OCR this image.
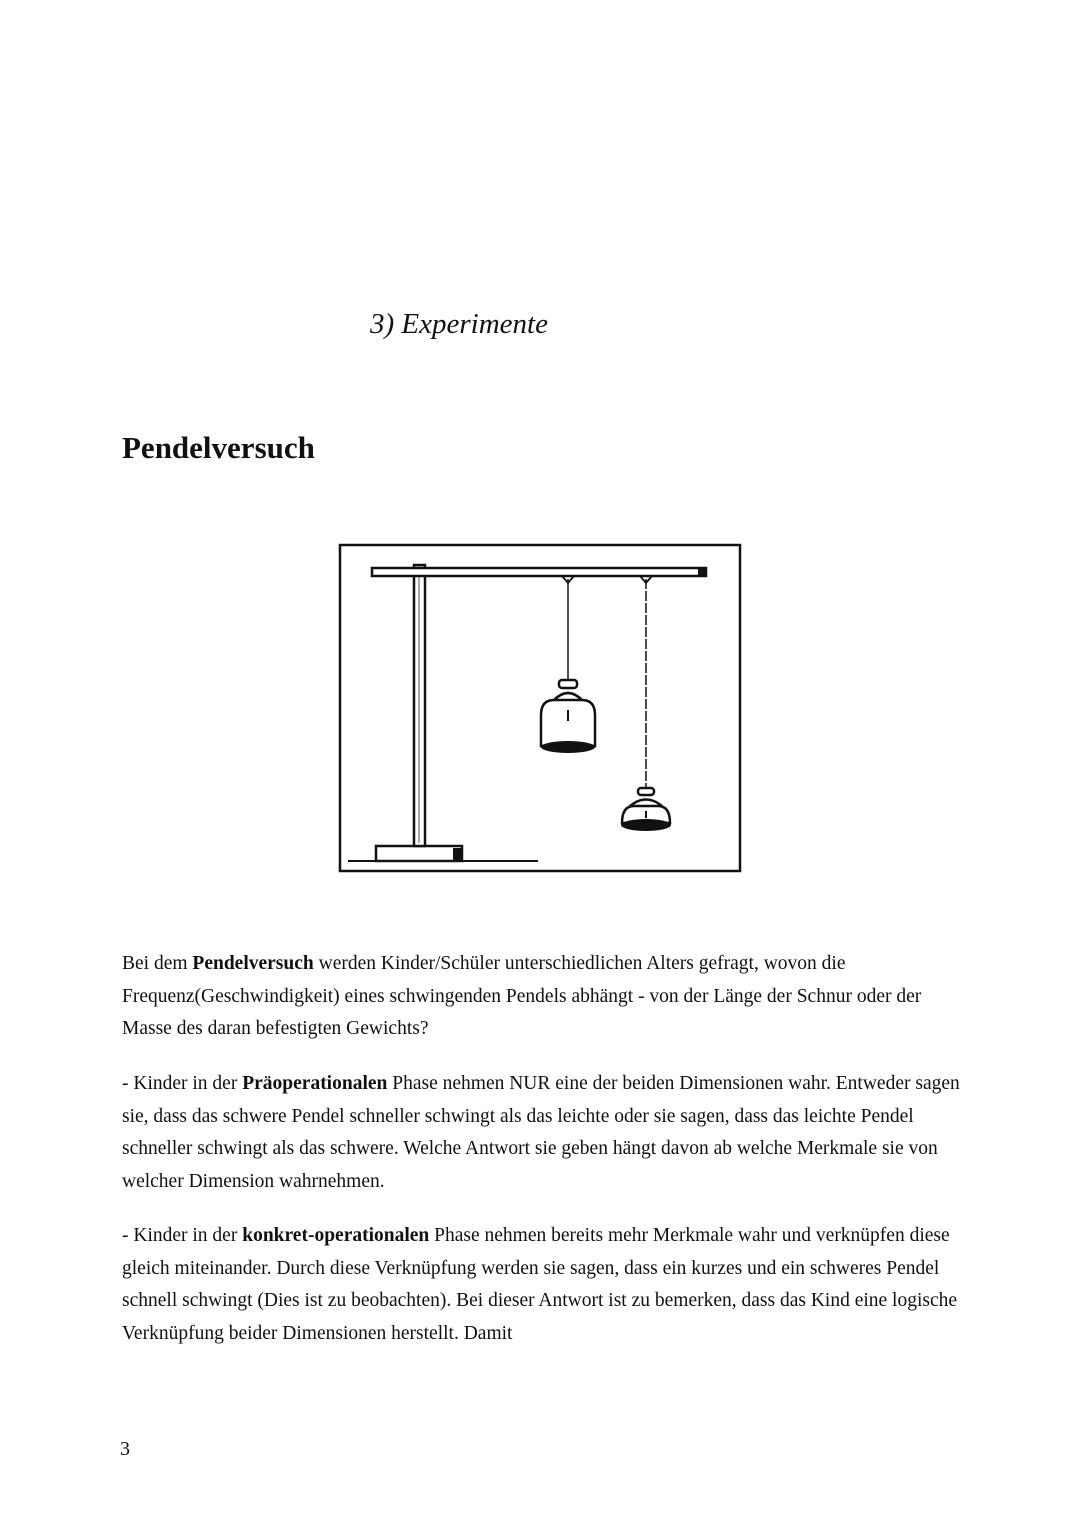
3) Experimente
Pendelversuch

Bei dem Pendelversuch werden Kinder/Schüler unterschiedlichen Alters gefragt, wovon die Frequenz(Geschwindigkeit) eines schwingenden Pendels abhängt - von der Länge der Schnur oder der Masse des daran befestigten Gewichts?

- Kinder in der Präoperationalen Phase nehmen NUR eine der beiden Dimensionen wahr. Entweder sagen sie, dass das schwere Pendel schneller schwingt als das leichte oder sie sagen, dass das leichte Pendel schneller schwingt als das schwere. Welche Antwort sie geben hängt davon ab welche Merkmale sie von welcher Dimension wahrnehmen.

- Kinder in der konkret-operationalen Phase nehmen bereits mehr Merkmale wahr und verknüpfen diese gleich miteinander. Durch diese Verknüpfung werden sie sagen, dass ein kurzes und ein schweres Pendel schnell schwingt (Dies ist zu beobachten). Bei dieser Antwort ist zu bemerken, dass das Kind eine logische Verknüpfung beider Dimensionen herstellt. Damit

3
